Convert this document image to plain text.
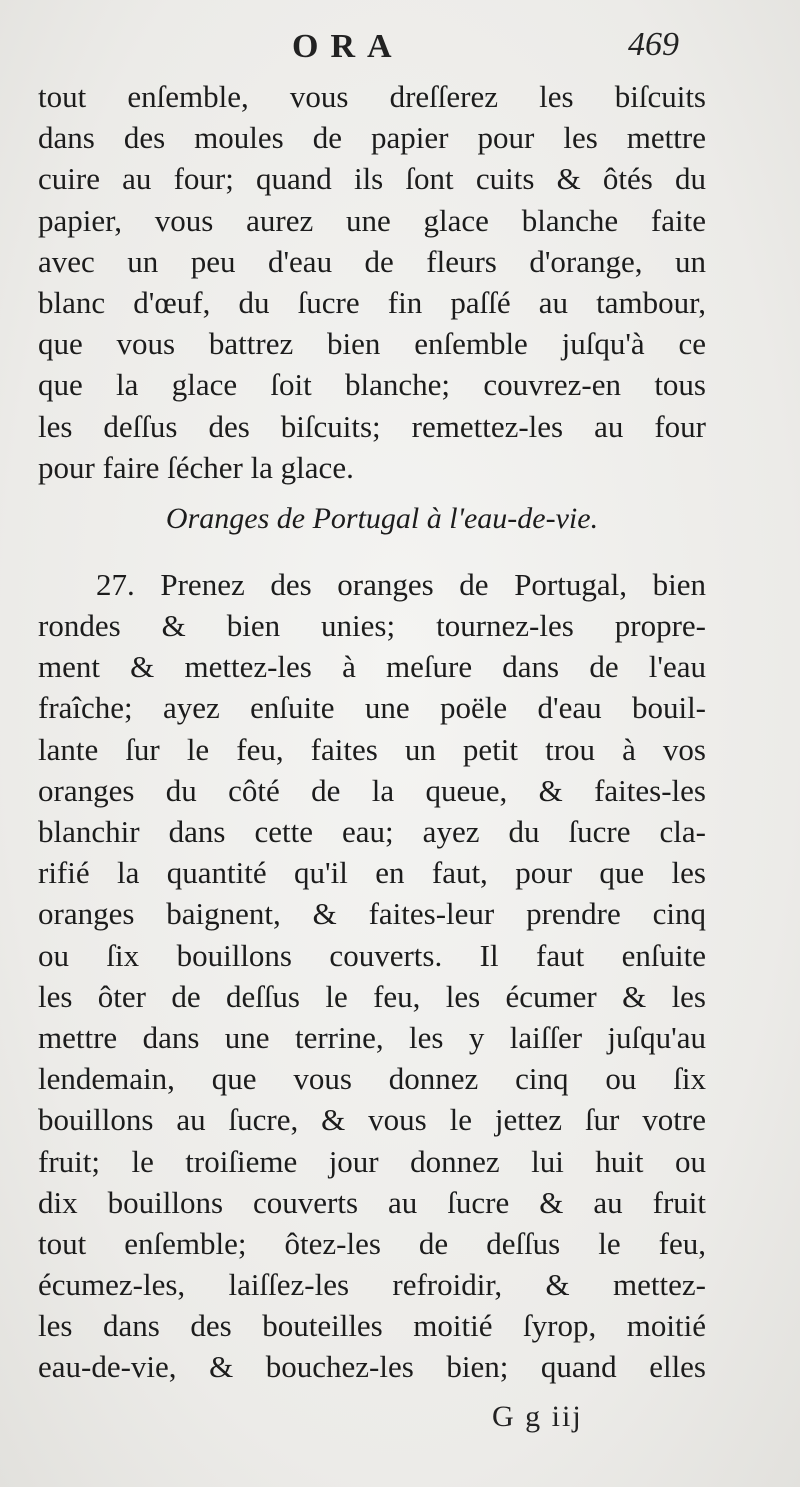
ORA	469
tout enſemble, vous dreſſerez les biſcuits
dans des moules de papier pour les mettre
cuire au four; quand ils ſont cuits & ôtés du
papier, vous aurez une glace blanche faite
avec un peu d'eau de fleurs d'orange, un
blanc d'œuf, du ſucre fin paſſé au tambour,
que vous battrez bien enſemble juſqu'à ce
que la glace ſoit blanche; couvrez-en tous
les deſſus des biſcuits; remettez-les au four
pour faire ſécher la glace.
Oranges de Portugal à l'eau-de-vie.
27. Prenez des oranges de Portugal, bien
rondes & bien unies; tournez-les propre-
ment & mettez-les à meſure dans de l'eau
fraîche; ayez enſuite une poële d'eau bouil-
lante ſur le feu, faites un petit trou à vos
oranges du côté de la queue, & faites-les
blanchir dans cette eau; ayez du ſucre cla-
rifié la quantité qu'il en faut, pour que les
oranges baignent, & faites-leur prendre cinq
ou ſix bouillons couverts. Il faut enſuite
les ôter de deſſus le feu, les écumer & les
mettre dans une terrine, les y laiſſer juſqu'au
lendemain, que vous donnez cinq ou ſix
bouillons au ſucre, & vous le jettez ſur votre
fruit; le troiſieme jour donnez lui huit ou
dix bouillons couverts au ſucre & au fruit
tout enſemble; ôtez-les de deſſus le feu,
écumez-les, laiſſez-les refroidir, & mettez-
les dans des bouteilles moitié ſyrop, moitié
eau-de-vie, & bouchez-les bien; quand elles
G g iij
